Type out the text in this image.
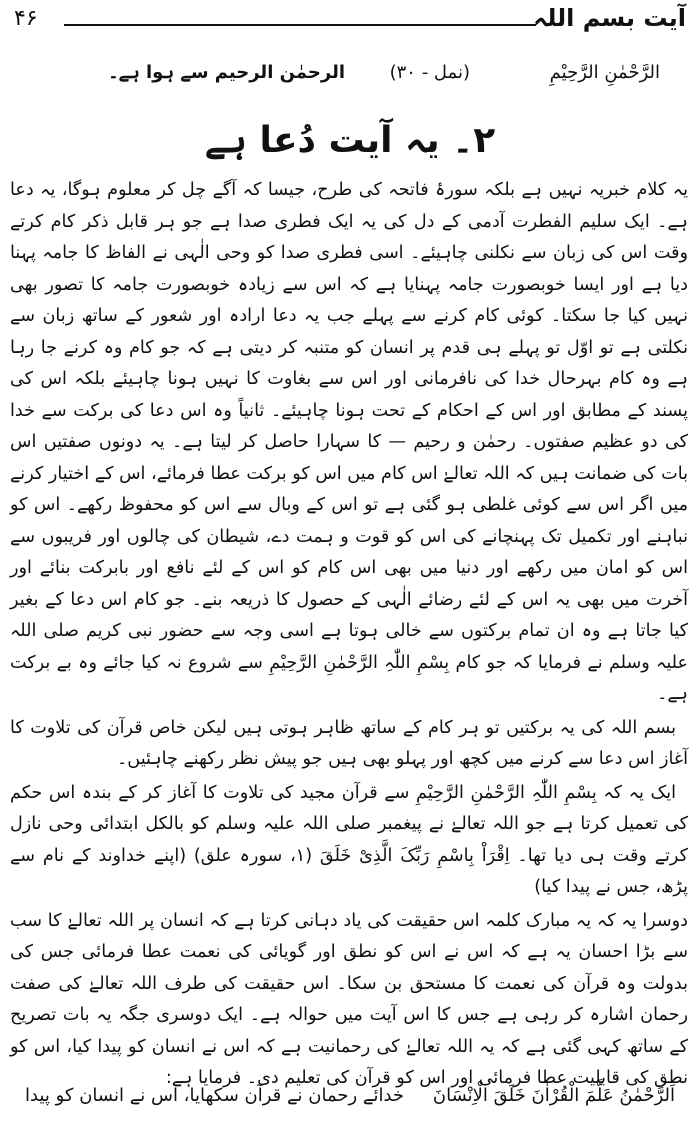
آیت بسم اللہ
۴۶
الرَّحْمٰنِ الرَّحِیْمِ
(نمل - ۳۰)
الرحمٰن الرحیم سے ہوا ہے۔
۲۔ یہ آیت دُعا ہے

یہ کلام خبریہ نہیں ہے بلکہ سورۂ فاتحہ کی طرح، جیسا کہ آگے چل کر معلوم ہوگا، یہ دعا ہے۔ ایک سلیم الفطرت آدمی کے دل کی یہ ایک فطری صدا ہے جو ہر قابل ذکر کام کرتے وقت اس کی زبان سے نکلنی چاہیئے۔ اسی فطری صدا کو وحی الٰہی نے الفاظ کا جامہ پہنا دیا ہے اور ایسا خوبصورت جامہ پہنایا ہے کہ اس سے زیادہ خوبصورت جامہ کا تصور بھی نہیں کیا جا سکتا۔ کوئی کام کرنے سے پہلے جب یہ دعا ارادہ اور شعور کے ساتھ زبان سے نکلتی ہے تو اوّل تو پہلے ہی قدم پر انسان کو متنبہ کر دیتی ہے کہ جو کام وہ کرنے جا رہا ہے وہ کام بہرحال خدا کی نافرمانی اور اس سے بغاوت کا نہیں ہونا چاہیئے بلکہ اس کی پسند کے مطابق اور اس کے احکام کے تحت ہونا چاہیئے۔ ثانیاً وہ اس دعا کی برکت سے خدا کی دو عظیم صفتوں۔ رحمٰن و رحیم — کا سہارا حاصل کر لیتا ہے۔ یہ دونوں صفتیں اس بات کی ضمانت ہیں کہ اللہ تعالےٰ اس کام میں اس کو برکت عطا فرمائے، اس کے اختیار کرنے میں اگر اس سے کوئی غلطی ہو گئی ہے تو اس کے وبال سے اس کو محفوظ رکھے۔ اس کو نباہنے اور تکمیل تک پہنچانے کی اس کو قوت و ہمت دے، شیطان کی چالوں اور فریبوں سے اس کو امان میں رکھے اور دنیا میں بھی اس کام کو اس کے لئے نافع اور بابرکت بنائے اور آخرت میں بھی یہ اس کے لئے رضائے الٰہی کے حصول کا ذریعہ بنے۔ جو کام اس دعا کے بغیر کیا جاتا ہے وہ ان تمام برکتوں سے خالی ہوتا ہے اسی وجہ سے حضور نبی کریم صلی اللہ علیہ وسلم نے فرمایا کہ جو کام بِسْمِ اللّٰہِ الرَّحْمٰنِ الرَّحِیْمِ سے شروع نہ کیا جائے وہ بے برکت ہے۔

بسم اللہ کی یہ برکتیں تو ہر کام کے ساتھ ظاہر ہوتی ہیں لیکن خاص قرآن کی تلاوت کا آغاز اس دعا سے کرنے میں کچھ اور پہلو بھی ہیں جو پیش نظر رکھنے چاہئیں۔

ایک یہ کہ بِسْمِ اللّٰہِ الرَّحْمٰنِ الرَّحِیْمِ سے قرآن مجید کی تلاوت کا آغاز کر کے بندہ اس حکم کی تعمیل کرتا ہے جو اللہ تعالےٰ نے پیغمبر صلی اللہ علیہ وسلم کو بالکل ابتدائی وحی نازل کرتے وقت ہی دیا تھا۔ اِقْرَاْ بِاسْمِ رَبِّکَ الَّذِیْ خَلَقَ (۱، سورہ علق) (اپنے خداوند کے نام سے پڑھ، جس نے پیدا کیا)

دوسرا یہ کہ یہ مبارک کلمہ اس حقیقت کی یاد دہانی کرتا ہے کہ انسان پر اللہ تعالےٰ کا سب سے بڑا احسان یہ ہے کہ اس نے اس کو نطق اور گویائی کی نعمت عطا فرمائی جس کی بدولت وہ قرآن کی نعمت کا مستحق بن سکا۔ اس حقیقت کی طرف اللہ تعالےٰ کی صفت رحمان اشارہ کر رہی ہے جس کا اس آیت میں حوالہ ہے۔ ایک دوسری جگہ یہ بات تصریح کے ساتھ کہی گئی ہے کہ یہ اللہ تعالےٰ کی رحمانیت ہے کہ اس نے انسان کو پیدا کیا، اس کو نطق کی قابلیت عطا فرمائی اور اس کو قرآن کی تعلیم دی۔ فرمایا ہے:

اَلرَّحْمٰنُ عَلَّمَ الْقُرْاٰنَ خَلَقَ الْاِنْسَانَ
خدائے رحمان نے قرآن سکھایا، اس نے انسان کو پیدا
